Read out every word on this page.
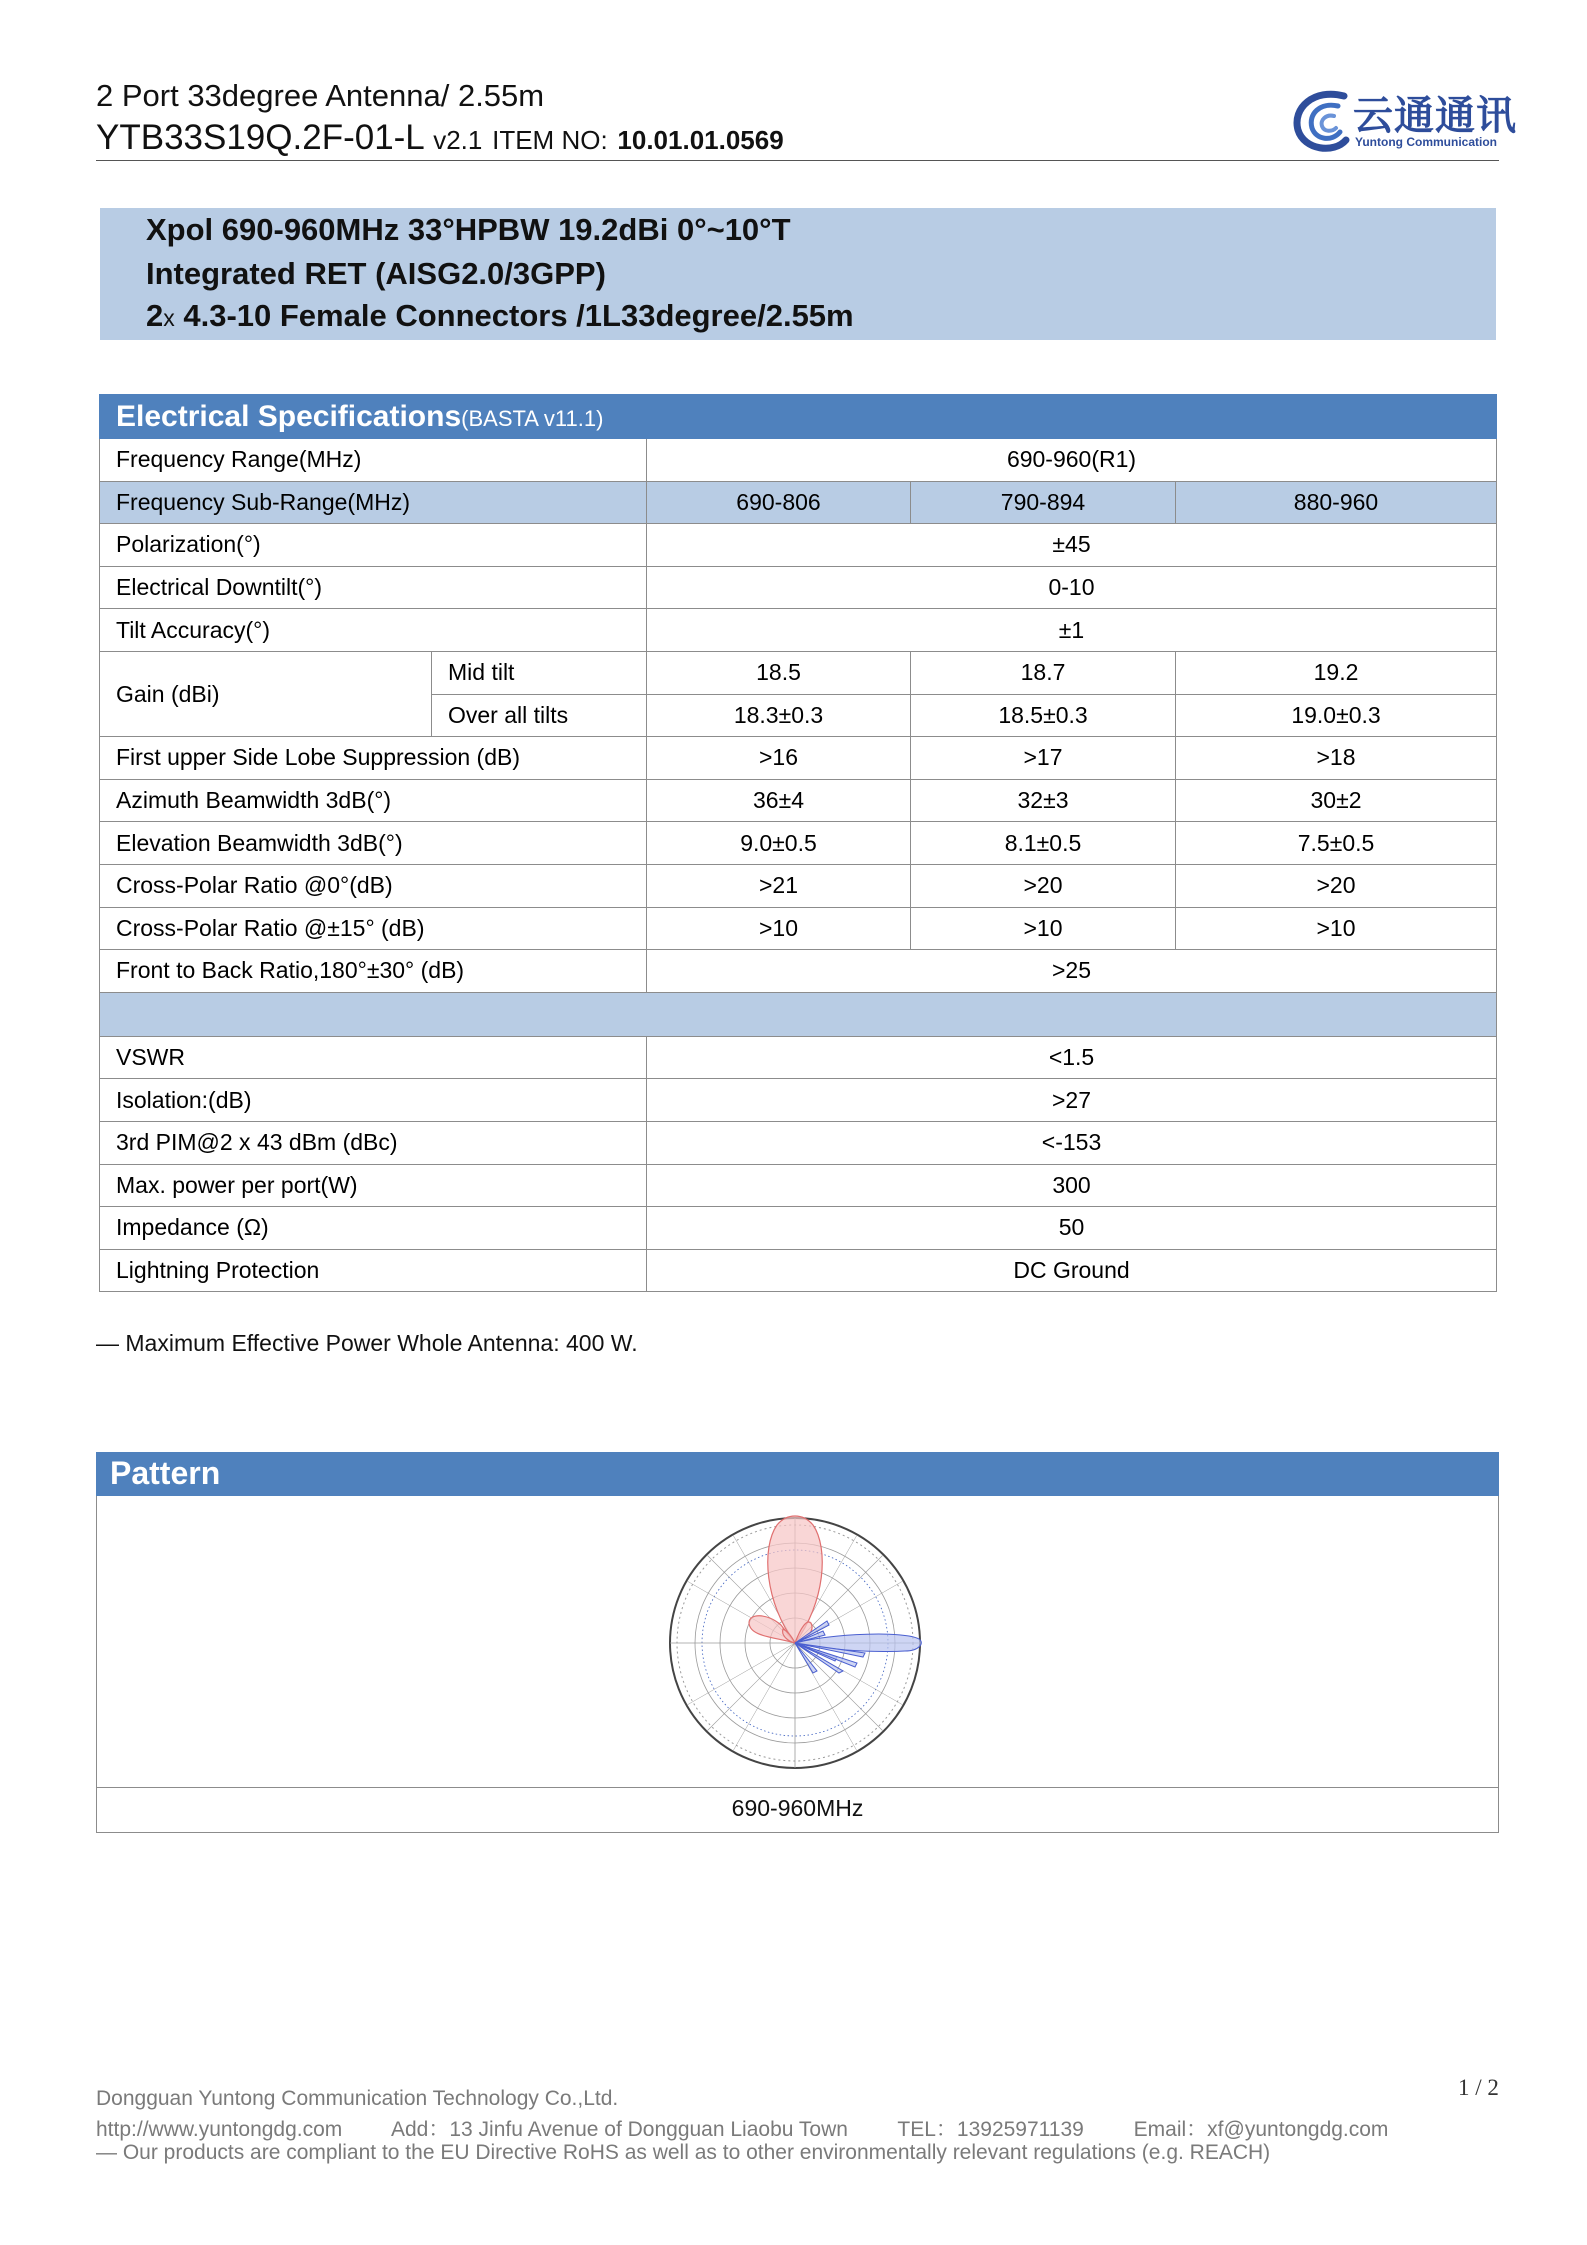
2 Port 33degree Antenna/ 2.55m
YTB33S19Q.2F-01-L v2.1 ITEM NO: 10.01.01.0569
云通通讯
Yuntong Communication
Xpol 690-960MHz 33°HPBW 19.2dBi 0°~10°T
Integrated RET (AISG2.0/3GPP)
2x 4.3-10 Female Connectors /1L33degree/2.55m
Electrical Specifications(BASTA v11.1)				
Frequency Range(MHz)		690-960(R1)		
Frequency Sub-Range(MHz)		690-806	790-894	880-960
Polarization(°)		±45		
Electrical Downtilt(°)		0-10		
Tilt Accuracy(°)		±1		
Gain (dBi)	Mid tilt	18.5	18.7	19.2
	Over all tilts	18.3±0.3	18.5±0.3	19.0±0.3
First upper Side Lobe Suppression (dB)		>16	>17	>18
Azimuth Beamwidth 3dB(°)		36±4	32±3	30±2
Elevation Beamwidth 3dB(°)		9.0±0.5	8.1±0.5	7.5±0.5
Cross-Polar Ratio @0°(dB)		>21	>20	>20
Cross-Polar Ratio @±15° (dB)		>10	>10	>10
Front to Back Ratio,180°±30° (dB)		>25		

VSWR		<1.5		
Isolation:(dB)		>27		
3rd PIM@2 x 43 dBm (dBc)		<-153		
Max. power per port(W)		300		
Impedance (Ω)		50		
Lightning Protection		DC Ground		
— Maximum Effective Power Whole Antenna: 400 W.
Pattern
690-960MHz
Dongguan Yuntong Communication Technology Co.,Ltd.
http://www.yuntongdg.com Add：13 Jinfu Avenue of Dongguan Liaobu Town TEL：13925971139 Email：xf@yuntongdg.com
— Our products are compliant to the EU Directive RoHS as well as to other environmentally relevant regulations (e.g. REACH)
1 / 2
